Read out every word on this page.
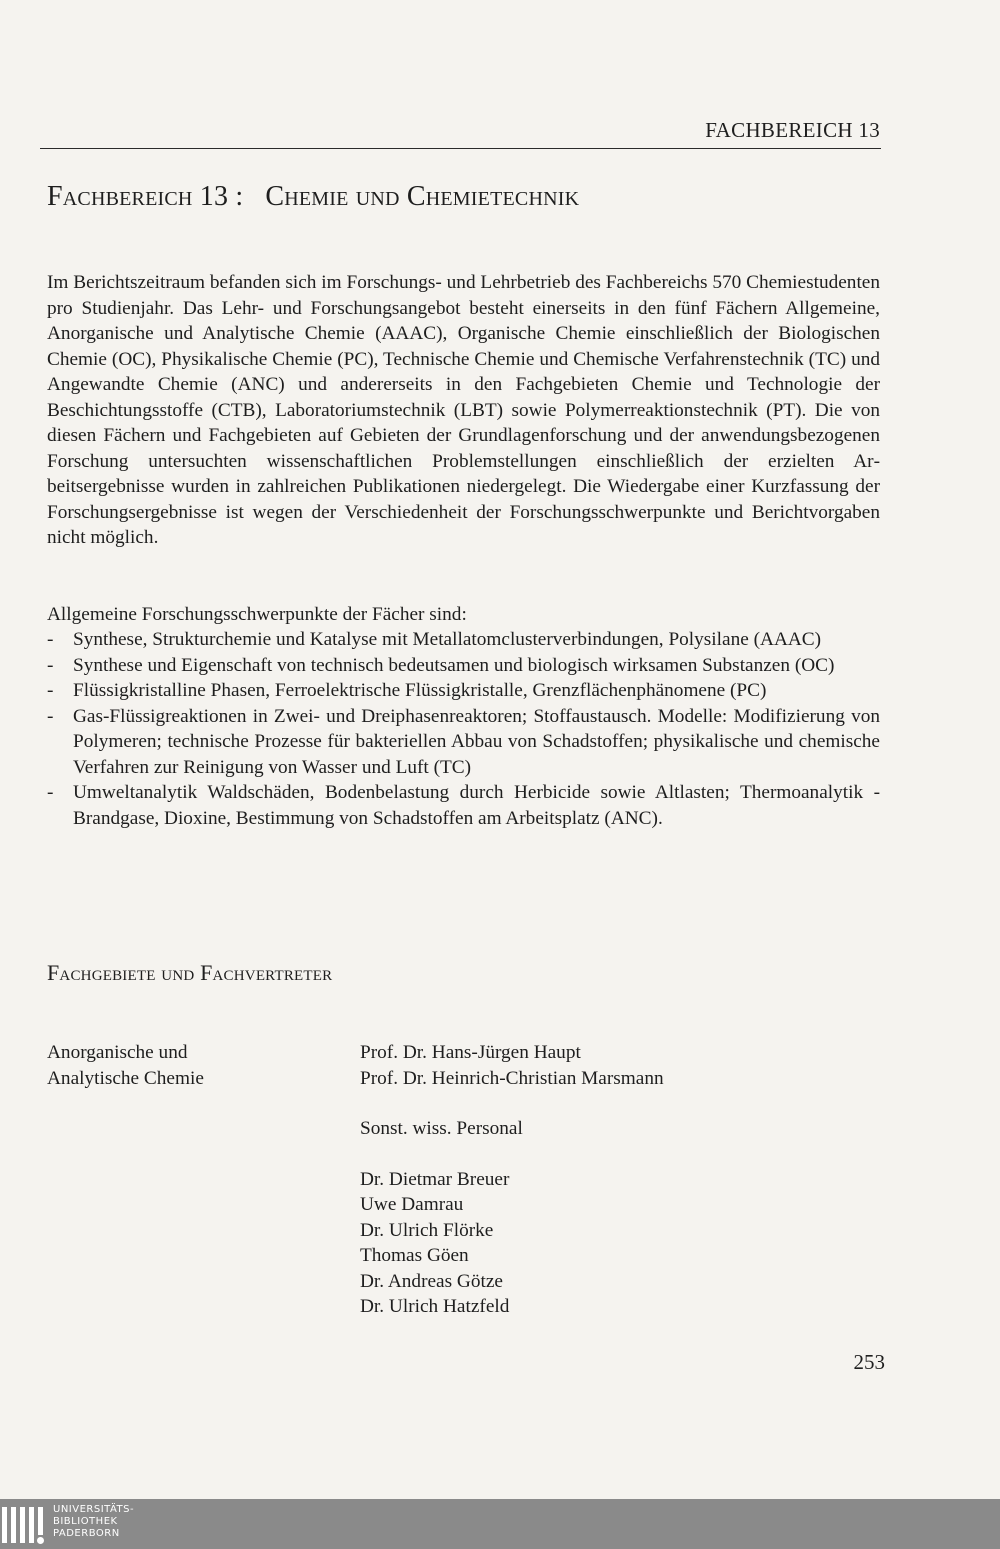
FACHBEREICH 13
Fachbereich 13 : Chemie und Chemietechnik
Im Berichtszeitraum befanden sich im Forschungs- und Lehrbetrieb des Fachbereichs 570 Chemiestudenten pro Studienjahr. Das Lehr- und Forschungsangebot besteht einerseits in den fünf Fächern Allgemeine, Anorganische und Analytische Chemie (AAAC), Organische Chemie einschließlich der Biologischen Chemie (OC), Physikalische Chemie (PC), Technische Chemie und Chemische Verfahrenstechnik (TC) und Angewandte Chemie (ANC) und andererseits in den Fachgebieten Chemie und Technologie der Beschichtungsstoffe (CTB), Laboratoriumstechnik (LBT) sowie Polymerreaktionstechnik (PT). Die von diesen Fächern und Fachgebieten auf Gebieten der Grundlagenforschung und der anwendungsbezogenen Forschung untersuchten wissenschaftlichen Problemstellungen einschließlich der erzielten Arbeitsergebnisse wurden in zahlreichen Publikationen niedergelegt. Die Wiedergabe einer Kurzfassung der Forschungsergebnisse ist wegen der Verschiedenheit der Forschungsschwerpunkte und Berichtvorgaben nicht möglich.
Allgemeine Forschungsschwerpunkte der Fächer sind:
- Synthese, Strukturchemie und Katalyse mit Metallatomclusterverbindungen, Polysilane (AAAC)
- Synthese und Eigenschaft von technisch bedeutsamen und biologisch wirksamen Substanzen (OC)
- Flüssigkristalline Phasen, Ferroelektrische Flüssigkristalle, Grenzflächenphänomene (PC)
- Gas-Flüssigreaktionen in Zwei- und Dreiphasenreaktoren; Stoffaustausch. Modelle: Modifizierung von Polymeren; technische Prozesse für bakteriellen Abbau von Schadstoffen; physikalische und chemische Verfahren zur Reinigung von Wasser und Luft (TC)
- Umweltanalytik Waldschäden, Bodenbelastung durch Herbicide sowie Altlasten; Thermoanalytik - Brandgase, Dioxine, Bestimmung von Schadstoffen am Arbeitsplatz (ANC).
Fachgebiete und Fachvertreter
Anorganische und
Analytische Chemie
Prof. Dr. Hans-Jürgen Haupt
Prof. Dr. Heinrich-Christian Marsmann
Sonst. wiss. Personal
Dr. Dietmar Breuer
Uwe Damrau
Dr. Ulrich Flörke
Thomas Göen
Dr. Andreas Götze
Dr. Ulrich Hatzfeld
253
UNIVERSITÄTS-
BIBLIOTHEK
PADERBORN
